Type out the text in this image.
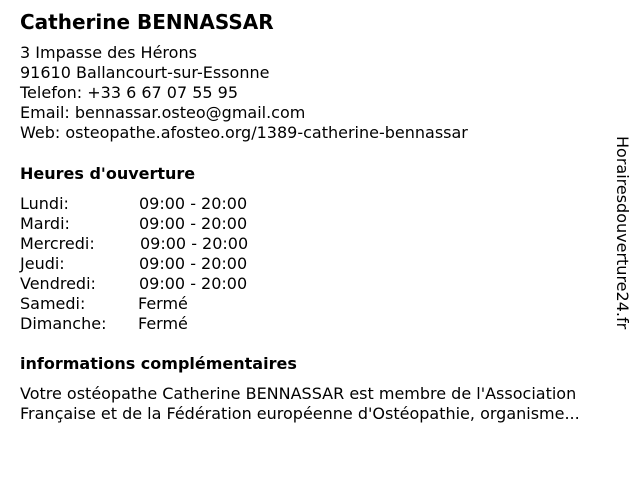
Catherine BENNASSAR
3 Impasse des Hérons
91610 Ballancourt-sur-Essonne
Telefon: +33 6 67 07 55 95
Email: bennassar.osteo@gmail.com
Web: osteopathe.afosteo.org/1389-catherine-bennassar
Heures d'ouverture
Lundi:	09:00 - 20:00
Mardi:	09:00 - 20:00
Mercredi:	09:00 - 20:00
Jeudi:	09:00 - 20:00
Vendredi:	09:00 - 20:00
Samedi:	Fermé
Dimanche: Fermé
informations complémentaires
Votre ostéopathe Catherine BENNASSAR est membre de l'Association
Française et de la Fédération européenne d'Ostéopathie, organisme...
Horairesdouverture24.fr
